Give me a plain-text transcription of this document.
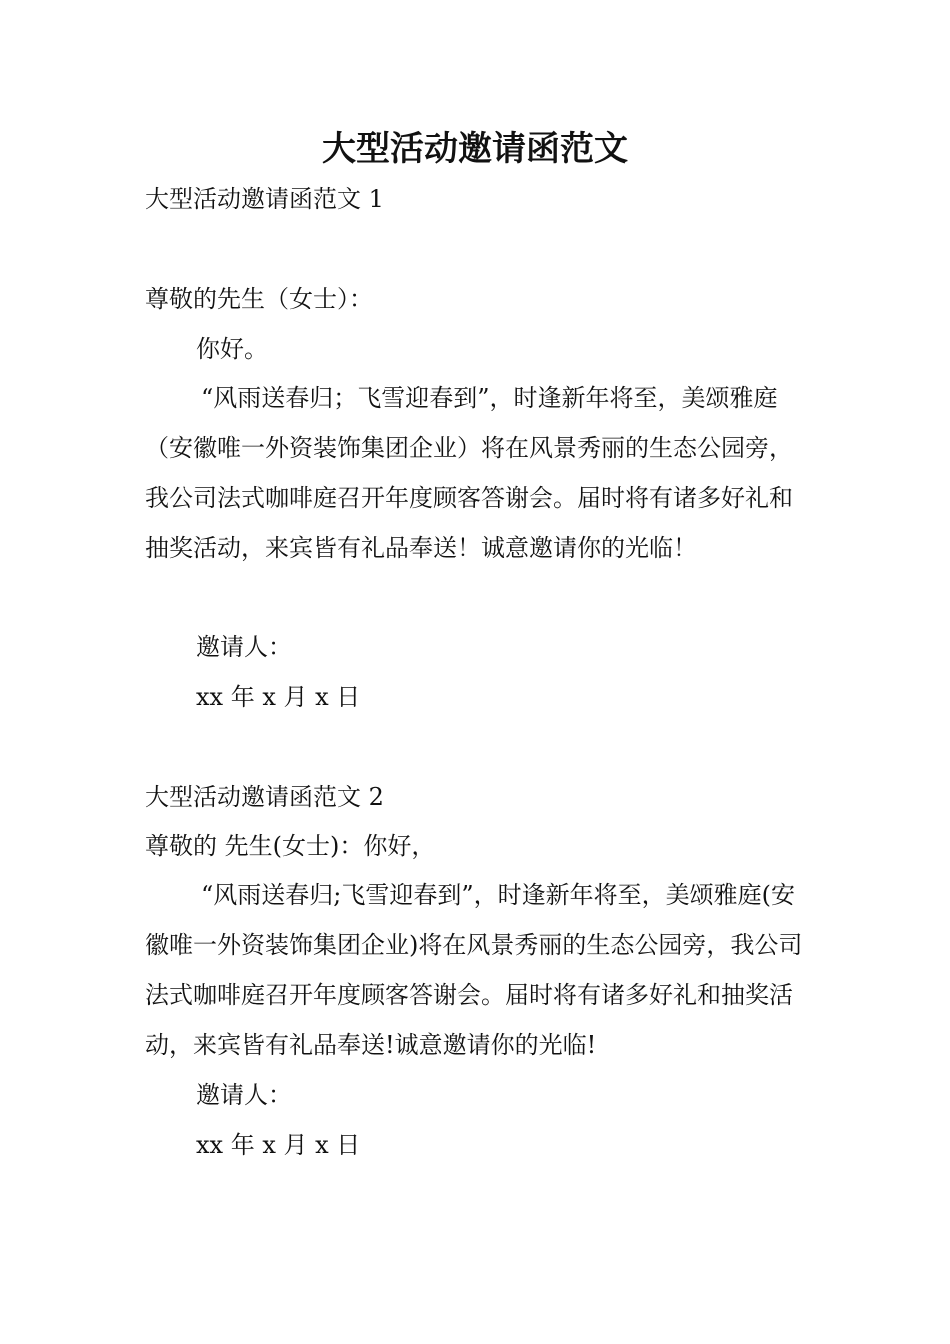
大型活动邀请函范文

大型活动邀请函范文 1

尊敬的先生（女士）：

你好。

“风雨送春归；飞雪迎春到”，时逢新年将至，美颂雅庭（安徽唯一外资装饰集团企业）将在风景秀丽的生态公园旁，我公司法式咖啡庭召开年度顾客答谢会。届时将有诸多好礼和抽奖活动，来宾皆有礼品奉送！诚意邀请你的光临！

邀请人：

xx 年 x 月 x 日

大型活动邀请函范文 2

尊敬的 先生(女士)：你好，

“风雨送春归;飞雪迎春到”，时逢新年将至，美颂雅庭(安徽唯一外资装饰集团企业)将在风景秀丽的生态公园旁，我公司法式咖啡庭召开年度顾客答谢会。届时将有诸多好礼和抽奖活动，来宾皆有礼品奉送!诚意邀请你的光临!

邀请人：

xx 年 x 月 x 日
